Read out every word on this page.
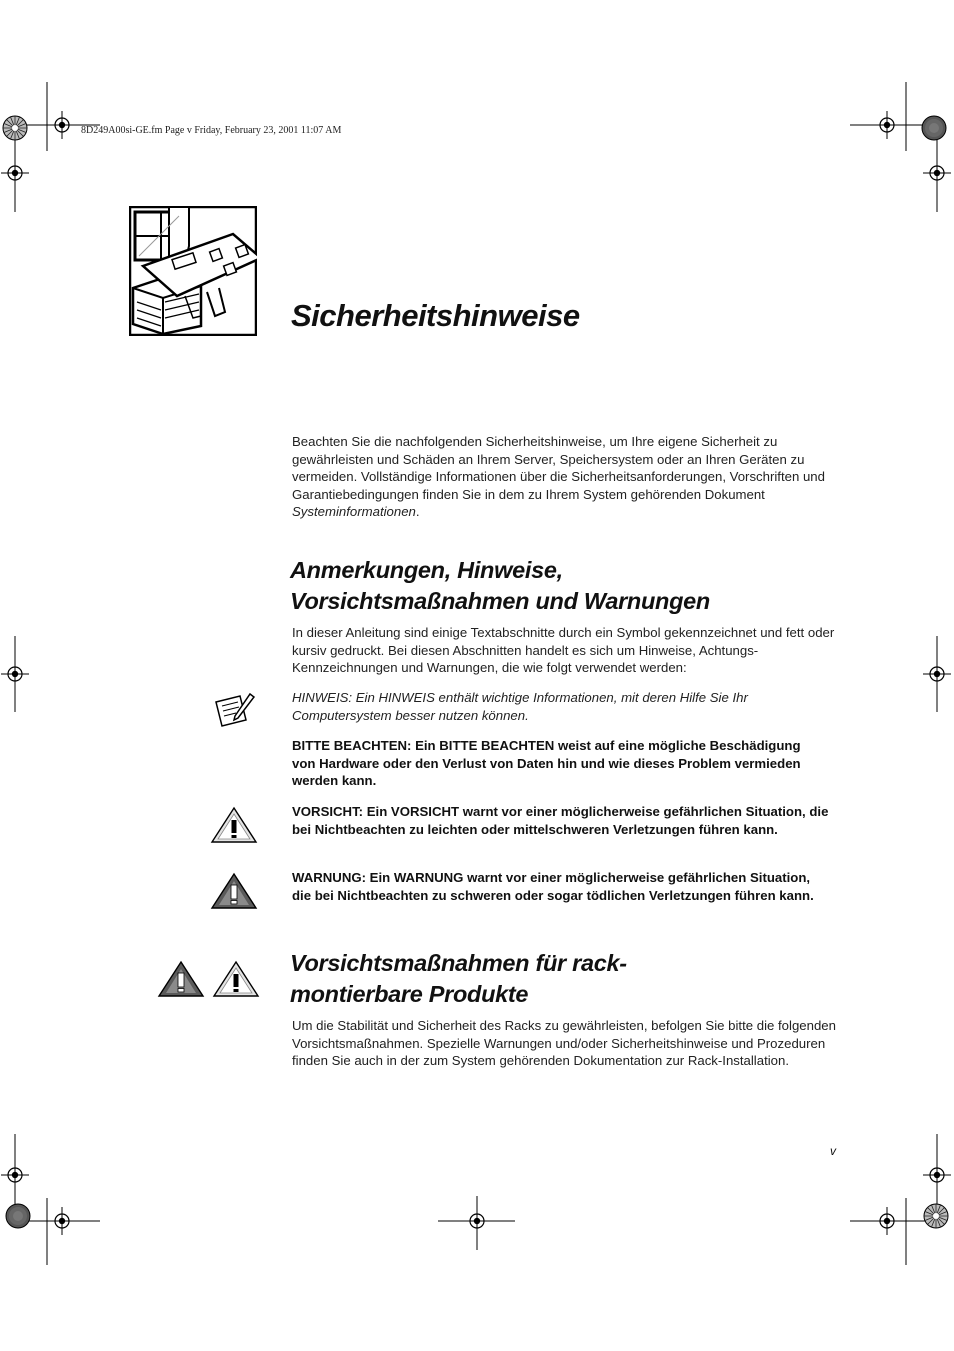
8D249A00si-GE.fm Page v Friday, February 23, 2001 11:07 AM
Sicherheitshinweise

Beachten Sie die nachfolgenden Sicherheitshinweise, um Ihre eigene Sicherheit zu gewährleisten und Schäden an Ihrem Server, Speichersystem oder an Ihren Geräten zu vermeiden. Vollständige Informationen über die Sicherheitsanforderungen, Vorschriften und Garantiebedingungen finden Sie in dem zu Ihrem System gehörenden Dokument Systeminformationen.

Anmerkungen, Hinweise,
Vorsichtsmaßnahmen und Warnungen

In dieser Anleitung sind einige Textabschnitte durch ein Symbol gekennzeichnet und fett oder kursiv gedruckt. Bei diesen Abschnitten handelt es sich um Hinweise, Achtungs-Kennzeichnungen und Warnungen, die wie folgt verwendet werden:

HINWEIS: Ein HINWEIS enthält wichtige Informationen, mit deren Hilfe Sie Ihr Computersystem besser nutzen können.

BITTE BEACHTEN: Ein BITTE BEACHTEN weist auf eine mögliche Beschädigung von Hardware oder den Verlust von Daten hin und wie dieses Problem vermieden werden kann.

VORSICHT: Ein VORSICHT warnt vor einer möglicherweise gefährlichen Situation, die bei Nichtbeachten zu leichten oder mittelschweren Verletzungen führen kann.

WARNUNG: Ein WARNUNG warnt vor einer möglicherweise gefährlichen Situation, die bei Nichtbeachten zu schweren oder sogar tödlichen Verletzungen führen kann.

Vorsichtsmaßnahmen für rack-
montierbare Produkte

Um die Stabilität und Sicherheit des Racks zu gewährleisten, befolgen Sie bitte die folgenden Vorsichtsmaßnahmen. Spezielle Warnungen und/oder Sicherheitshinweise und Prozeduren finden Sie auch in der zum System gehörenden Dokumentation zur Rack-Installation.

v
